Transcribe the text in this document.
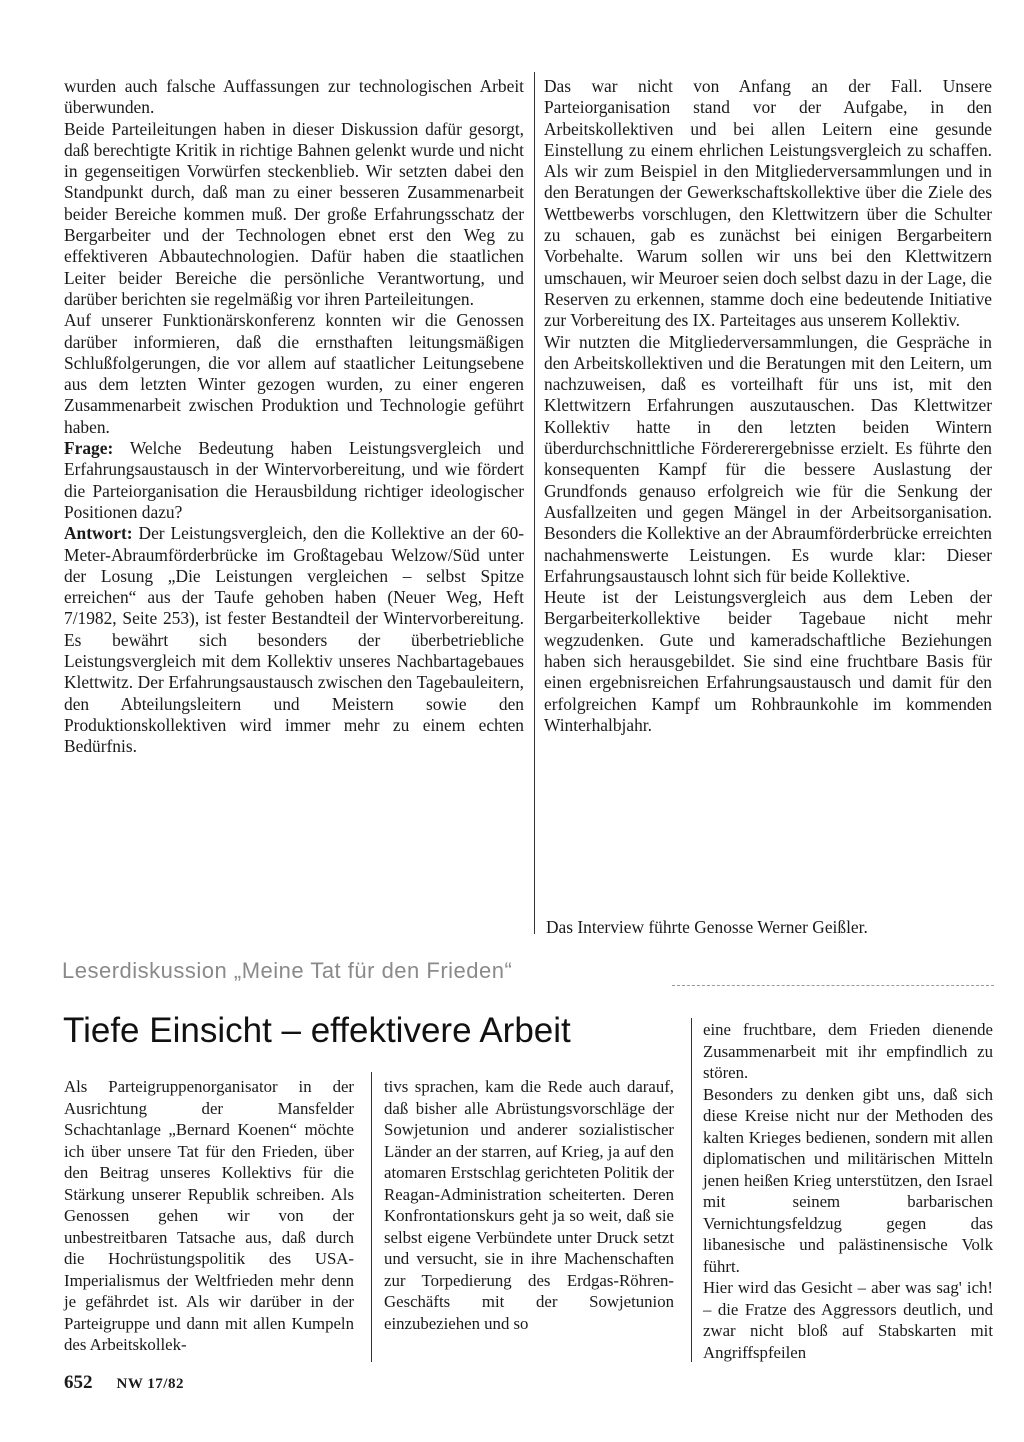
wurden auch falsche Auffassungen zur technologischen Arbeit überwunden.

Beide Parteileitungen haben in dieser Diskussion dafür gesorgt, daß berechtigte Kritik in richtige Bahnen gelenkt wurde und nicht in gegenseitigen Vorwürfen steckenblieb. Wir setzten dabei den Standpunkt durch, daß man zu einer besseren Zusammenarbeit beider Bereiche kommen muß. Der große Erfahrungsschatz der Bergarbeiter und der Technologen ebnet erst den Weg zu effektiveren Abbautechnologien. Dafür haben die staatlichen Leiter beider Bereiche die persönliche Verantwortung, und darüber berichten sie regelmäßig vor ihren Parteileitungen.

Auf unserer Funktionärskonferenz konnten wir die Genossen darüber informieren, daß die ernsthaften leitungsmäßigen Schlußfolgerungen, die vor allem auf staatlicher Leitungsebene aus dem letzten Winter gezogen wurden, zu einer engeren Zusammenarbeit zwischen Produktion und Technologie geführt haben.

Frage: Welche Bedeutung haben Leistungsvergleich und Erfahrungsaustausch in der Wintervorbereitung, und wie fördert die Parteiorganisation die Herausbildung richtiger ideologischer Positionen dazu?

Antwort: Der Leistungsvergleich, den die Kollektive an der 60-Meter-Abraumförderbrücke im Großtagebau Welzow/Süd unter der Losung „Die Leistungen vergleichen – selbst Spitze erreichen“ aus der Taufe gehoben haben (Neuer Weg, Heft 7/1982, Seite 253), ist fester Bestandteil der Wintervorbereitung. Es bewährt sich besonders der überbetriebliche Leistungsvergleich mit dem Kollektiv unseres Nachbartagebaues Klettwitz. Der Erfahrungsaustausch zwischen den Tagebauleitern, den Abteilungsleitern und Meistern sowie den Produktionskollektiven wird immer mehr zu einem echten Bedürfnis.

Das war nicht von Anfang an der Fall. Unsere Parteiorganisation stand vor der Aufgabe, in den Arbeitskollektiven und bei allen Leitern eine gesunde Einstellung zu einem ehrlichen Leistungsvergleich zu schaffen. Als wir zum Beispiel in den Mitgliederversammlungen und in den Beratungen der Gewerkschaftskollektive über die Ziele des Wettbewerbs vorschlugen, den Klettwitzern über die Schulter zu schauen, gab es zunächst bei einigen Bergarbeitern Vorbehalte. Warum sollen wir uns bei den Klettwitzern umschauen, wir Meuroer seien doch selbst dazu in der Lage, die Reserven zu erkennen, stamme doch eine bedeutende Initiative zur Vorbereitung des IX. Parteitages aus unserem Kollektiv.

Wir nutzten die Mitgliederversammlungen, die Gespräche in den Arbeitskollektiven und die Beratungen mit den Leitern, um nachzuweisen, daß es vorteilhaft für uns ist, mit den Klettwitzern Erfahrungen auszutauschen. Das Klettwitzer Kollektiv hatte in den letzten beiden Wintern überdurchschnittliche Fördererergebnisse erzielt. Es führte den konsequenten Kampf für die bessere Auslastung der Grundfonds genauso erfolgreich wie für die Senkung der Ausfallzeiten und gegen Mängel in der Arbeitsorganisation. Besonders die Kollektive an der Abraumförderbrücke erreichten nachahmenswerte Leistungen. Es wurde klar: Dieser Erfahrungsaustausch lohnt sich für beide Kollektive.

Heute ist der Leistungsvergleich aus dem Leben der Bergarbeiterkollektive beider Tagebaue nicht mehr wegzudenken. Gute und kameradschaftliche Beziehungen haben sich herausgebildet. Sie sind eine fruchtbare Basis für einen ergebnisreichen Erfahrungsaustausch und damit für den erfolgreichen Kampf um Rohbraunkohle im kommenden Winterhalbjahr.

Das Interview führte Genosse Werner Geißler.

Leserdiskussion „Meine Tat für den Frieden“
Tiefe Einsicht – effektivere Arbeit

Als Parteigruppenorganisator in der Ausrichtung der Mansfelder Schachtanlage „Bernard Koenen“ möchte ich über unsere Tat für den Frieden, über den Beitrag unseres Kollektivs für die Stärkung unserer Republik schreiben. Als Genossen gehen wir von der unbestreitbaren Tatsache aus, daß durch die Hochrüstungspolitik des USA-Imperialismus der Weltfrieden mehr denn je gefährdet ist. Als wir darüber in der Parteigruppe und dann mit allen Kumpeln des Arbeitskollek-

tivs sprachen, kam die Rede auch darauf, daß bisher alle Abrüstungsvorschläge der Sowjetunion und anderer sozialistischer Länder an der starren, auf Krieg, ja auf den atomaren Erstschlag gerichteten Politik der Reagan-Administration scheiterten. Deren Konfrontationskurs geht ja so weit, daß sie selbst eigene Verbündete unter Druck setzt und versucht, sie in ihre Machenschaften zur Torpedierung des Erdgas-Röhren-Geschäfts mit der Sowjetunion einzubeziehen und so

eine fruchtbare, dem Frieden dienende Zusammenarbeit mit ihr empfindlich zu stören.

Besonders zu denken gibt uns, daß sich diese Kreise nicht nur der Methoden des kalten Krieges bedienen, sondern mit allen diplomatischen und militärischen Mitteln jenen heißen Krieg unterstützen, den Israel mit seinem barbarischen Vernichtungsfeldzug gegen das libanesische und palästinensische Volk führt.

Hier wird das Gesicht – aber was sag' ich! – die Fratze des Aggressors deutlich, und zwar nicht bloß auf Stabskarten mit Angriffspfeilen

652 NW 17/82
